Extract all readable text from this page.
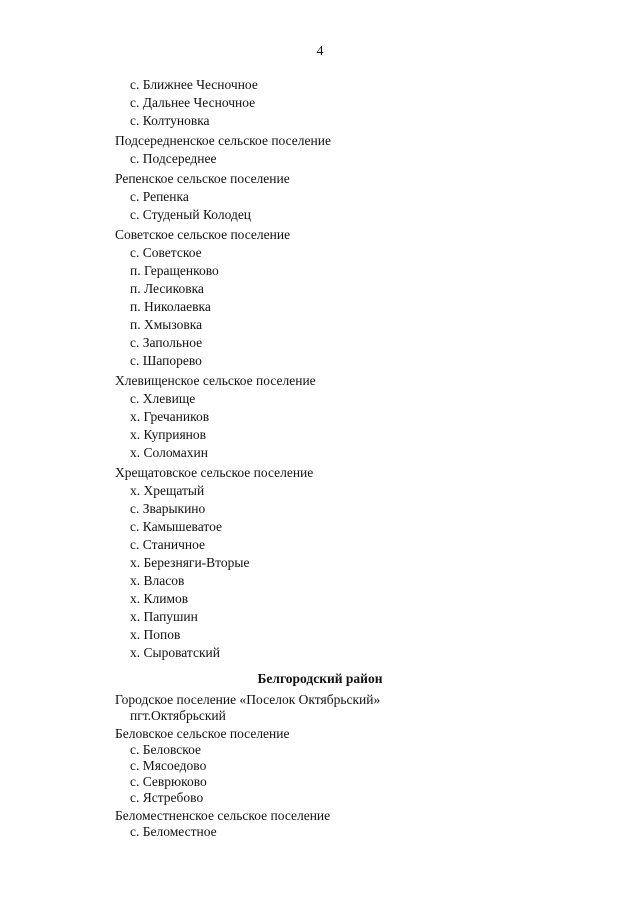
4
с. Ближнее Чесночное
с. Дальнее Чесночное
с. Колтуновка
Подсереднeнское сельское поселение
с. Подсереднее
Репенское сельское поселение
с. Репенка
с. Студеный Колодец
Советское сельское поселение
с. Советское
п. Геращенково
п. Лесиковка
п. Николаевка
п. Хмызовка
с. Запольное
с. Шапорево
Хлевищенское сельское поселение
с. Хлевище
х. Гречаников
х. Куприянов
х. Соломахин
Хрещатовское сельское поселение
х. Хрещатый
с. Зварыкино
с. Камышеватое
с. Станичное
х. Березняги-Вторые
х. Власов
х. Климов
х. Папушин
х. Попов
х. Сыроватский
Белгородский район
Городское поселение «Поселок Октябрьский»
пгт.Октябрьский
Беловское сельское поселение
с. Беловское
с. Мясоедово
с. Севрюково
с. Ястребово
Беломестненское сельское поселение
с. Беломестное
